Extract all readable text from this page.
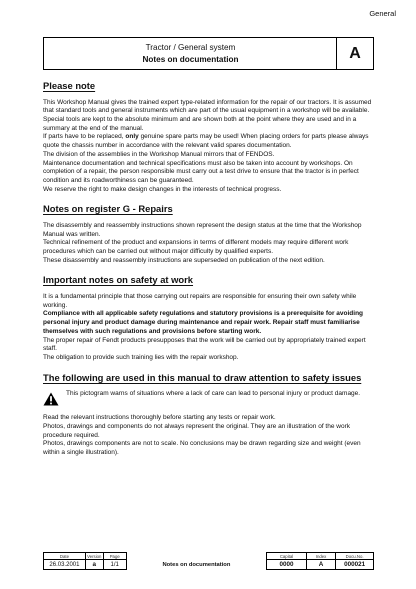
General
Tractor / General system
Notes on documentation	A
Please note

This Workshop Manual gives the trained expert type-related information for the repair of our tractors. It is assumed that standard tools and general instruments which are part of the usual equipment in a workshop will be available. Special tools are kept to the absolute minimum and are shown both at the point where they are used and in a summary at the end of the manual.

If parts have to be replaced, only genuine spare parts may be used! When placing orders for parts please always quote the chassis number in accordance with the relevant valid spares documentation.

The division of the assemblies in the Workshop Manual mirrors that of FENDOS.

Maintenance documentation and technical specifications must also be taken into account by workshops. On completion of a repair, the person responsible must carry out a test drive to ensure that the tractor is in perfect condition and its roadworthiness can be guaranteed.

We reserve the right to make design changes in the interests of technical progress.

Notes on register G - Repairs

The disassembly and reassembly instructions shown represent the design status at the time that the Workshop Manual was written.

Technical refinement of the product and expansions in terms of different models may require different work procedures which can be carried out without major difficulty by qualified experts.

These disassembly and reassembly instructions are superseded on publication of the next edition.

Important notes on safety at work

It is a fundamental principle that those carrying out repairs are responsible for ensuring their own safety while working.

Compliance with all applicable safety regulations and statutory provisions is a prerequisite for avoiding personal injury and product damage during maintenance and repair work. Repair staff must familiarise themselves with such regulations and provisions before starting work.

The proper repair of Fendt products presupposes that the work will be carried out by appropriately trained expert staff.

The obligation to provide such training lies with the repair workshop.

The following are used in this manual to draw attention to safety issues

This pictogram warns of situations where a lack of care can lead to personal injury or product damage.

Read the relevant instructions thoroughly before starting any tests or repair work.

Photos, drawings and components do not always represent the original. They are an illustration of the work procedure required.

Photos, drawings components are not to scale. No conclusions may be drawn regarding size and weight (even within a single illustration).

Date	Version	Page		Capital	Index	Docu.No.
26.03.2001	a	1/1	Notes on documentation	0000	A	000021
